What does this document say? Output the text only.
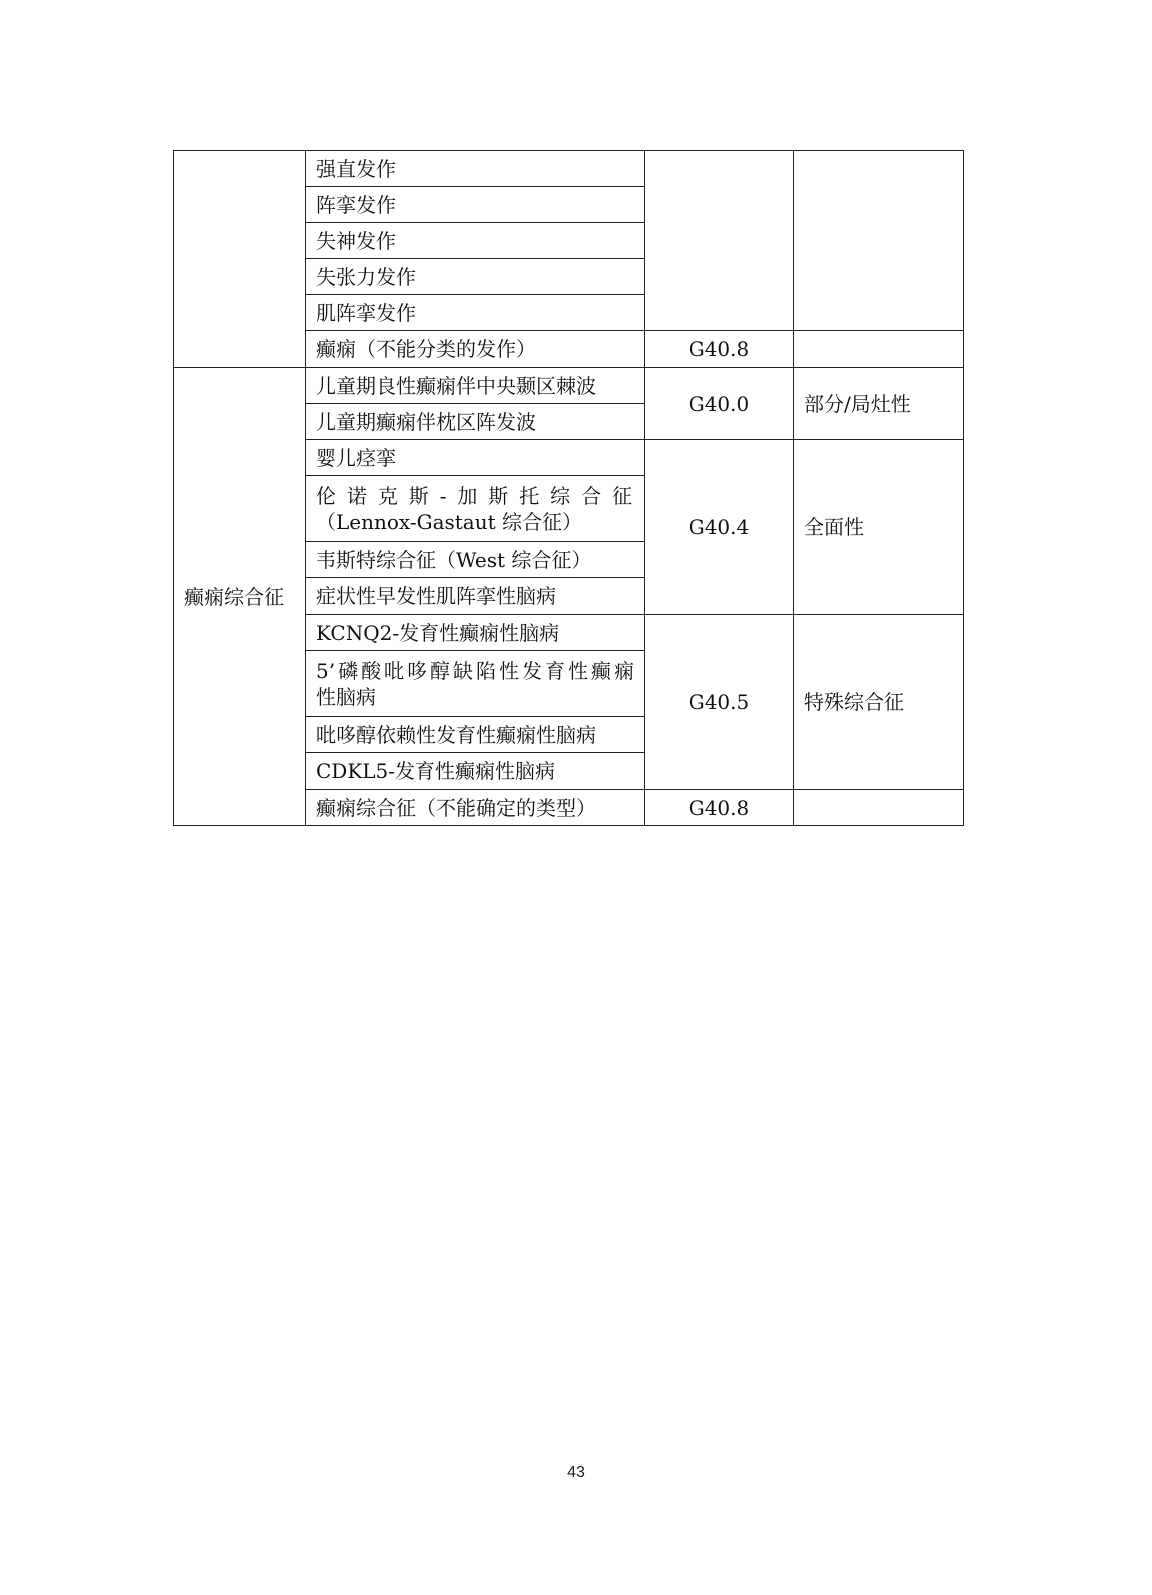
	强直发作		
	阵挛发作		
	失神发作		
	失张力发作		
	肌阵挛发作		
	癫痫（不能分类的发作）	G40.8	
癫痫综合征	儿童期良性癫痫伴中央颞区棘波	G40.0	部分/局灶性
	儿童期癫痫伴枕区阵发波		
	婴儿痉挛	G40.4	全面性

	伦诺克斯-加斯托综合征
（Lennox-Gastaut 综合征）		

	韦斯特综合征（West 综合征）		
	症状性早发性肌阵挛性脑病		
	KCNQ2-发育性癫痫性脑病	G40.5	特殊综合征

	5’磷酸吡哆醇缺陷性发育性癫痫
性脑病		

	吡哆醇依赖性发育性癫痫性脑病		
	CDKL5-发育性癫痫性脑病		
	癫痫综合征（不能确定的类型）	G40.8	
43
